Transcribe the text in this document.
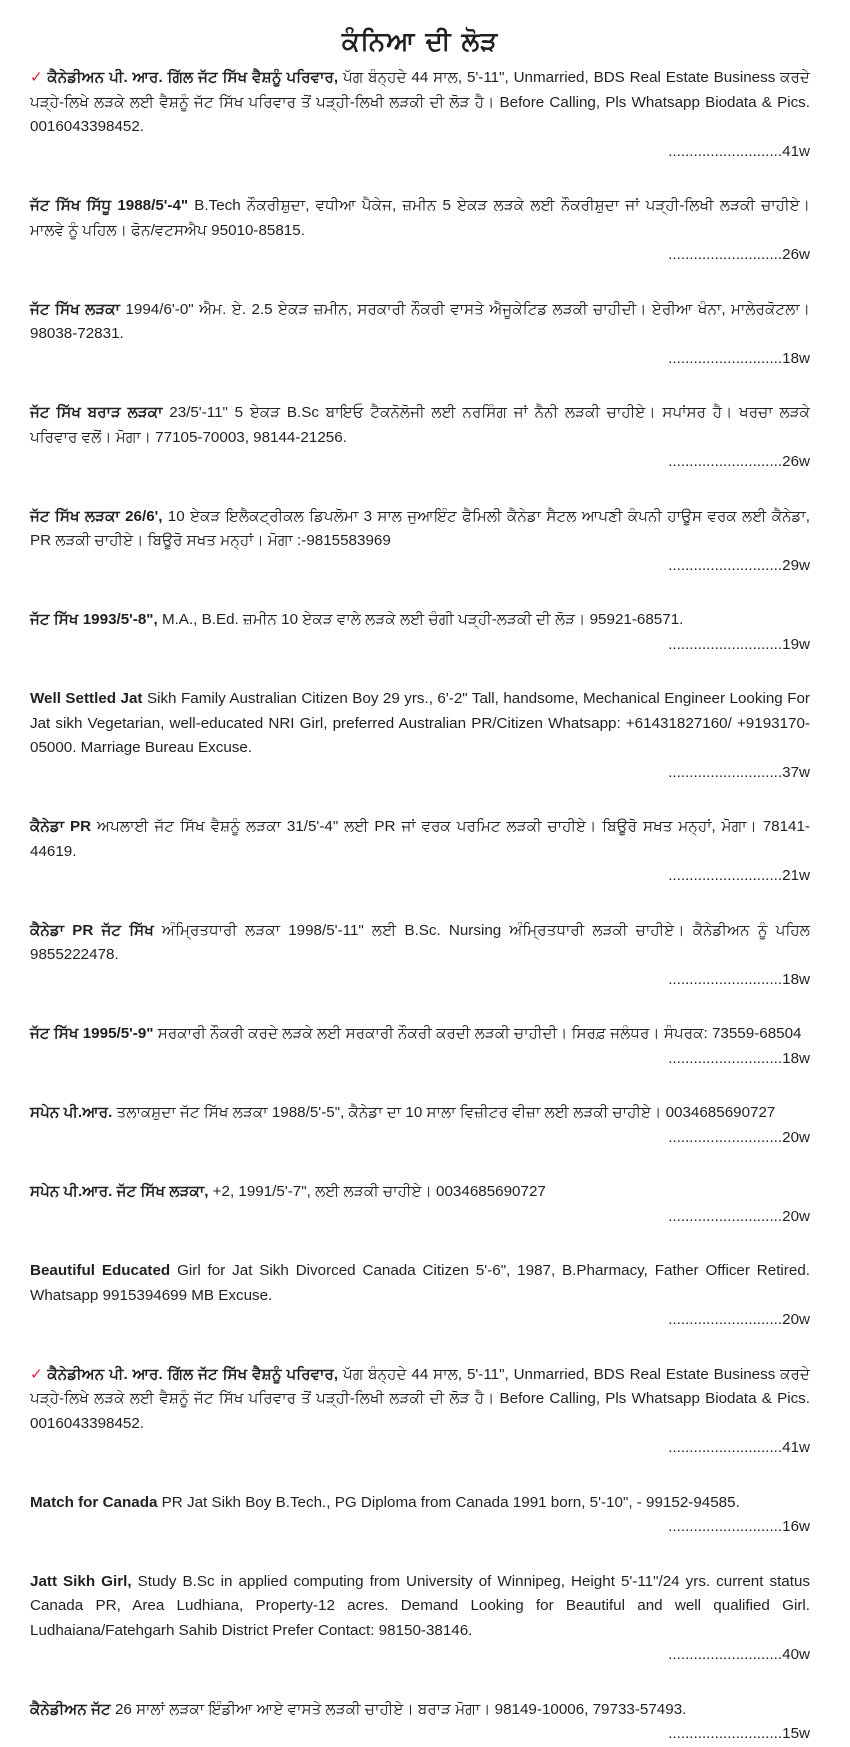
ਕੰਨਿਆ ਦੀ ਲੋੜ

✓ ਕੈਨੇਡੀਅਨ ਪੀ. ਆਰ. ਗਿੱਲ ਜੱਟ ਸਿੱਖ ਵੈਸ਼ਨੂੰ ਪਰਿਵਾਰ, ਪੱਗ ਬੰਨ੍ਹਦੇ 44 ਸਾਲ, 5'-11", Unmarried, BDS Real Estate Business ਕਰਦੇ ਪੜ੍ਹੇ-ਲਿਖੇ ਲੜਕੇ ਲਈ ਵੈਸ਼ਨੂੰ ਜੱਟ ਸਿੱਖ ਪਰਿਵਾਰ ਤੋਂ ਪੜ੍ਹੀ-ਲਿਖੀ ਲੜਕੀ ਦੀ ਲੋੜ ਹੈ। Before Calling, Pls Whatsapp Biodata & Pics. 0016043398452.
...........................41w

ਜੱਟ ਸਿੱਖ ਸਿੱਧੂ 1988/5'-4" B.Tech ਨੌਕਰੀਸ਼ੁਦਾ, ਵਧੀਆ ਪੈਕੇਜ, ਜ਼ਮੀਨ 5 ਏਕੜ ਲੜਕੇ ਲਈ ਨੌਕਰੀਸ਼ੁਦਾ ਜਾਂ ਪੜ੍ਹੀ-ਲਿਖੀ ਲੜਕੀ ਚਾਹੀਏ। ਮਾਲਵੇ ਨੂੰ ਪਹਿਲ। ਫੋਨ/ਵਟਸਐਪ 95010-85815.
...........................26w

ਜੱਟ ਸਿੱਖ ਲੜਕਾ 1994/6'-0" ਐਮ. ਏ. 2.5 ਏਕੜ ਜ਼ਮੀਨ, ਸਰਕਾਰੀ ਨੌਕਰੀ ਵਾਸਤੇ ਐਜੂਕੇਟਿਡ ਲੜਕੀ ਚਾਹੀਦੀ। ਏਰੀਆ ਖੰਨਾ, ਮਾਲੇਰਕੋਟਲਾ। 98038-72831.
...........................18w

ਜੱਟ ਸਿੱਖ ਬਰਾੜ ਲੜਕਾ 23/5'-11" 5 ਏਕੜ B.Sc ਬਾਇਓ ਟੈਕਨੋਲੋਜੀ ਲਈ ਨਰਸਿੰਗ ਜਾਂ ਨੈਨੀ ਲੜਕੀ ਚਾਹੀਏ। ਸਪਾਂਸਰ ਹੈ। ਖਰਚਾ ਲੜਕੇ ਪਰਿਵਾਰ ਵਲੋਂ। ਮੋਗਾ। 77105-70003, 98144-21256.
...........................26w

ਜੱਟ ਸਿੱਖ ਲੜਕਾ 26/6', 10 ਏਕੜ ਇਲੈਕਟ੍ਰੀਕਲ ਡਿਪਲੋਮਾ 3 ਸਾਲ ਜੁਆਇੰਟ ਫੈਮਿਲੀ ਕੈਨੇਡਾ ਸੈਟਲ ਆਪਣੀ ਕੰਪਨੀ ਹਾਊਸ ਵਰਕ ਲਈ ਕੈਨੇਡਾ, PR ਲੜਕੀ ਚਾਹੀਏ। ਬਿਊਰੋ ਸਖਤ ਮਨ੍ਹਾਂ। ਮੋਗਾ :-9815583969
...........................29w

ਜੱਟ ਸਿੱਖ 1993/5'-8", M.A., B.Ed. ਜ਼ਮੀਨ 10 ਏਕੜ ਵਾਲੇ ਲੜਕੇ ਲਈ ਚੰਗੀ ਪੜ੍ਹੀ-ਲੜਕੀ ਦੀ ਲੋੜ। 95921-68571.
...........................19w

Well Settled Jat Sikh Family Australian Citizen Boy 29 yrs., 6'-2" Tall, handsome, Mechanical Engineer Looking For Jat sikh Vegetarian, well-educated NRI Girl, preferred Australian PR/Citizen Whatsapp: +61431827160/ +9193170-05000. Marriage Bureau Excuse.
...........................37w

ਕੈਨੇਡਾ PR ਅਪਲਾਈ ਜੱਟ ਸਿੱਖ ਵੈਸ਼ਨੂੰ ਲੜਕਾ 31/5'-4" ਲਈ PR ਜਾਂ ਵਰਕ ਪਰਮਿਟ ਲੜਕੀ ਚਾਹੀਏ। ਬਿਊਰੋ ਸਖਤ ਮਨ੍ਹਾਂ, ਮੋਗਾ। 78141-44619.
...........................21w

ਕੈਨੇਡਾ PR ਜੱਟ ਸਿੱਖ ਅੰਮ੍ਰਿਤਧਾਰੀ ਲੜਕਾ 1998/5'-11" ਲਈ B.Sc. Nursing ਅੰਮ੍ਰਿਤਧਾਰੀ ਲੜਕੀ ਚਾਹੀਏ। ਕੈਨੇਡੀਅਨ ਨੂੰ ਪਹਿਲ 9855222478.
...........................18w

ਜੱਟ ਸਿੱਖ 1995/5'-9" ਸਰਕਾਰੀ ਨੌਕਰੀ ਕਰਦੇ ਲੜਕੇ ਲਈ ਸਰਕਾਰੀ ਨੌਕਰੀ ਕਰਦੀ ਲੜਕੀ ਚਾਹੀਦੀ। ਸਿਰਫ਼ ਜਲੰਧਰ। ਸੰਪਰਕ: 73559-68504
...........................18w

ਸਪੇਨ ਪੀ.ਆਰ. ਤਲਾਕਸ਼ੁਦਾ ਜੱਟ ਸਿੱਖ ਲੜਕਾ 1988/5'-5", ਕੈਨੇਡਾ ਦਾ 10 ਸਾਲਾ ਵਿਜ਼ੀਟਰ ਵੀਜ਼ਾ ਲਈ ਲੜਕੀ ਚਾਹੀਏ। 0034685690727
...........................20w

ਸਪੇਨ ਪੀ.ਆਰ. ਜੱਟ ਸਿੱਖ ਲੜਕਾ, +2, 1991/5'-7", ਲਈ ਲੜਕੀ ਚਾਹੀਏ। 0034685690727
...........................20w

Beautiful Educated Girl for Jat Sikh Divorced Canada Citizen 5'-6", 1987, B.Pharmacy, Father Officer Retired. Whatsapp 9915394699 MB Excuse.
...........................20w

✓ ਕੈਨੇਡੀਅਨ ਪੀ. ਆਰ. ਗਿੱਲ ਜੱਟ ਸਿੱਖ ਵੈਸ਼ਨੂੰ ਪਰਿਵਾਰ, ਪੱਗ ਬੰਨ੍ਹਦੇ 44 ਸਾਲ, 5'-11", Unmarried, BDS Real Estate Business ਕਰਦੇ ਪੜ੍ਹੇ-ਲਿਖੇ ਲੜਕੇ ਲਈ ਵੈਸ਼ਨੂੰ ਜੱਟ ਸਿੱਖ ਪਰਿਵਾਰ ਤੋਂ ਪੜ੍ਹੀ-ਲਿਖੀ ਲੜਕੀ ਦੀ ਲੋੜ ਹੈ। Before Calling, Pls Whatsapp Biodata & Pics. 0016043398452.
...........................41w

Match for Canada PR Jat Sikh Boy B.Tech., PG Diploma from Canada 1991 born, 5'-10", - 99152-94585.
...........................16w

Jatt Sikh Girl, Study B.Sc in applied computing from University of Winnipeg, Height 5'-11"/24 yrs. current status Canada PR, Area Ludhiana, Property-12 acres. Demand Looking for Beautiful and well qualified Girl. Ludhaiana/Fatehgarh Sahib District Prefer Contact: 98150-38146.
...........................40w

ਕੈਨੇਡੀਅਨ ਜੱਟ 26 ਸਾਲਾਂ ਲੜਕਾ ਇੰਡੀਆ ਆਏ ਵਾਸਤੇ ਲੜਕੀ ਚਾਹੀਏ। ਬਰਾੜ ਮੋਗਾ। 98149-10006, 79733-57493.
...........................15w
